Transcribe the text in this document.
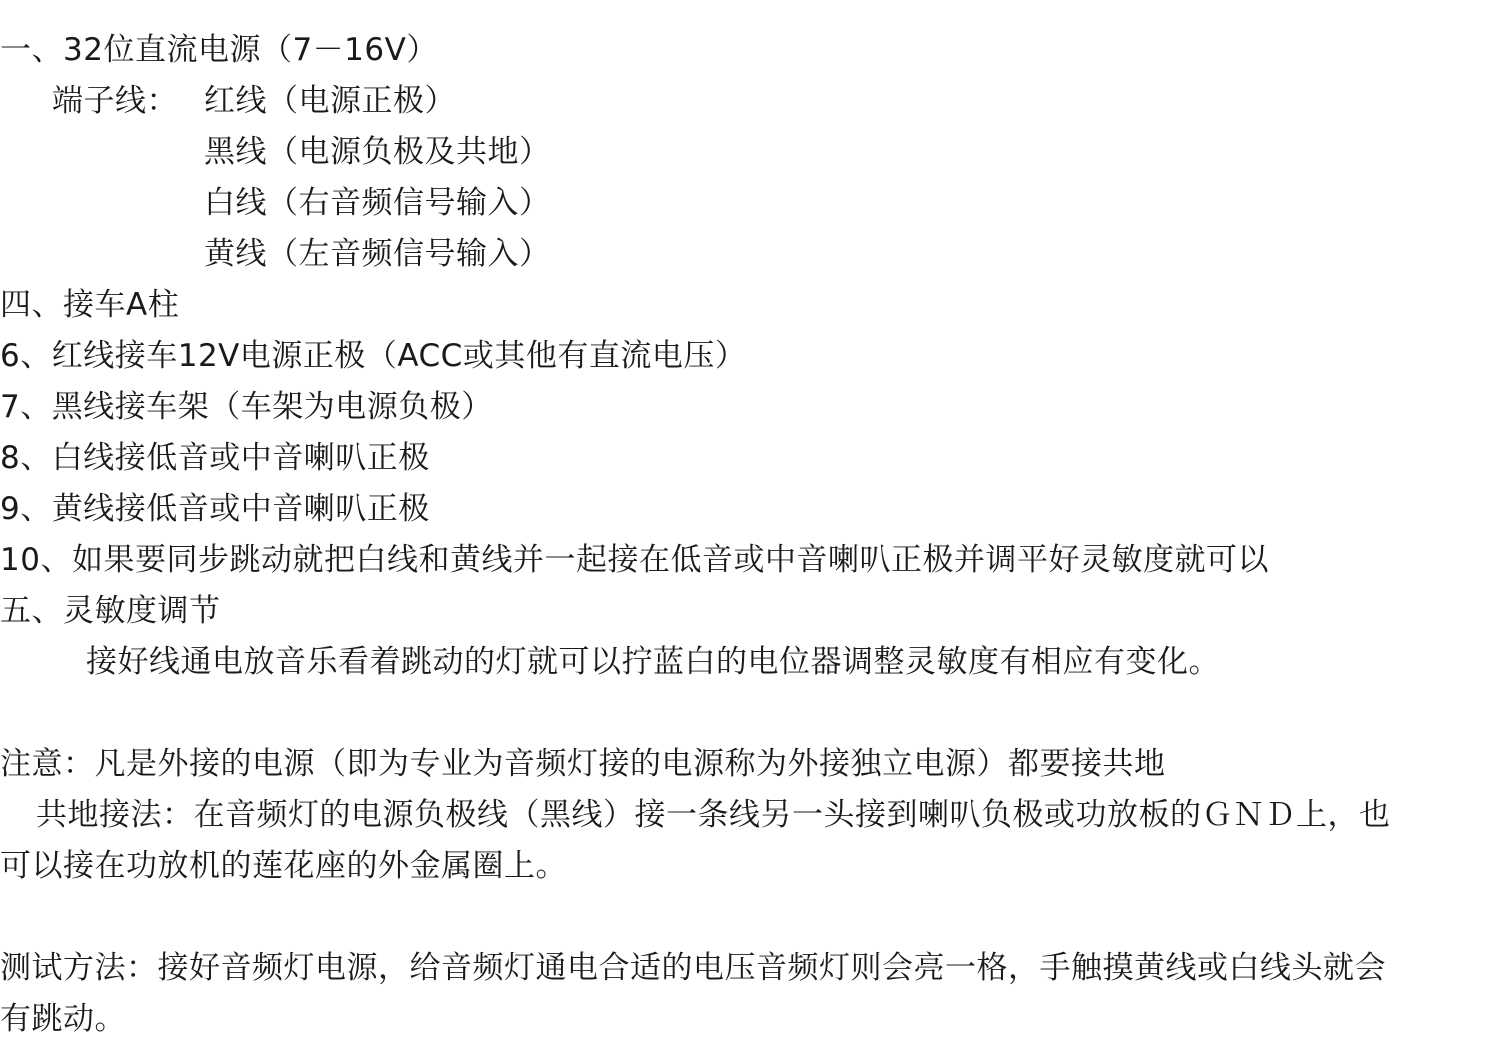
一、32位直流电源（7－16V）
端子线： 红线（电源正极）
黑线（电源负极及共地）
白线（右音频信号输入）
黄线（左音频信号输入）
四、接车A柱
6、红线接车12V电源正极（ACC或其他有直流电压）
7、黑线接车架（车架为电源负极）
8、白线接低音或中音喇叭正极
9、黄线接低音或中音喇叭正极
10、如果要同步跳动就把白线和黄线并一起接在低音或中音喇叭正极并调平好灵敏度就可以
五、灵敏度调节
接好线通电放音乐看着跳动的灯就可以拧蓝白的电位器调整灵敏度有相应有变化。
注意：凡是外接的电源（即为专业为音频灯接的电源称为外接独立电源）都要接共地
共地接法：在音频灯的电源负极线（黑线）接一条线另一头接到喇叭负极或功放板的ＧＮＤ上，也
可以接在功放机的莲花座的外金属圈上。
测试方法：接好音频灯电源，给音频灯通电合适的电压音频灯则会亮一格，手触摸黄线或白线头就会
有跳动。
